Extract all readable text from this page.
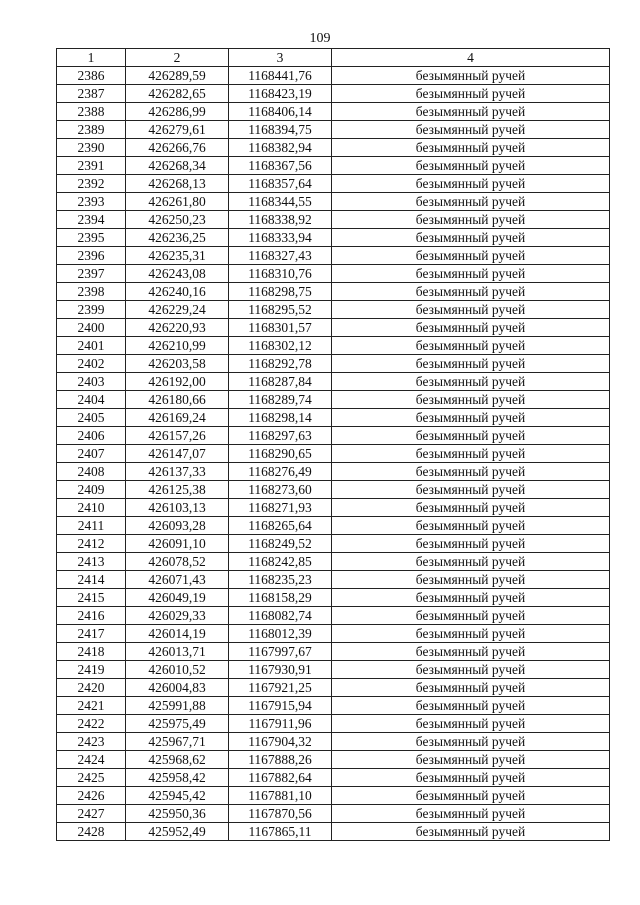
109
1	2	3	4
2386	426289,59	1168441,76	безымянный ручей
2387	426282,65	1168423,19	безымянный ручей
2388	426286,99	1168406,14	безымянный ручей
2389	426279,61	1168394,75	безымянный ручей
2390	426266,76	1168382,94	безымянный ручей
2391	426268,34	1168367,56	безымянный ручей
2392	426268,13	1168357,64	безымянный ручей
2393	426261,80	1168344,55	безымянный ручей
2394	426250,23	1168338,92	безымянный ручей
2395	426236,25	1168333,94	безымянный ручей
2396	426235,31	1168327,43	безымянный ручей
2397	426243,08	1168310,76	безымянный ручей
2398	426240,16	1168298,75	безымянный ручей
2399	426229,24	1168295,52	безымянный ручей
2400	426220,93	1168301,57	безымянный ручей
2401	426210,99	1168302,12	безымянный ручей
2402	426203,58	1168292,78	безымянный ручей
2403	426192,00	1168287,84	безымянный ручей
2404	426180,66	1168289,74	безымянный ручей
2405	426169,24	1168298,14	безымянный ручей
2406	426157,26	1168297,63	безымянный ручей
2407	426147,07	1168290,65	безымянный ручей
2408	426137,33	1168276,49	безымянный ручей
2409	426125,38	1168273,60	безымянный ручей
2410	426103,13	1168271,93	безымянный ручей
2411	426093,28	1168265,64	безымянный ручей
2412	426091,10	1168249,52	безымянный ручей
2413	426078,52	1168242,85	безымянный ручей
2414	426071,43	1168235,23	безымянный ручей
2415	426049,19	1168158,29	безымянный ручей
2416	426029,33	1168082,74	безымянный ручей
2417	426014,19	1168012,39	безымянный ручей
2418	426013,71	1167997,67	безымянный ручей
2419	426010,52	1167930,91	безымянный ручей
2420	426004,83	1167921,25	безымянный ручей
2421	425991,88	1167915,94	безымянный ручей
2422	425975,49	1167911,96	безымянный ручей
2423	425967,71	1167904,32	безымянный ручей
2424	425968,62	1167888,26	безымянный ручей
2425	425958,42	1167882,64	безымянный ручей
2426	425945,42	1167881,10	безымянный ручей
2427	425950,36	1167870,56	безымянный ручей
2428	425952,49	1167865,11	безымянный ручей
